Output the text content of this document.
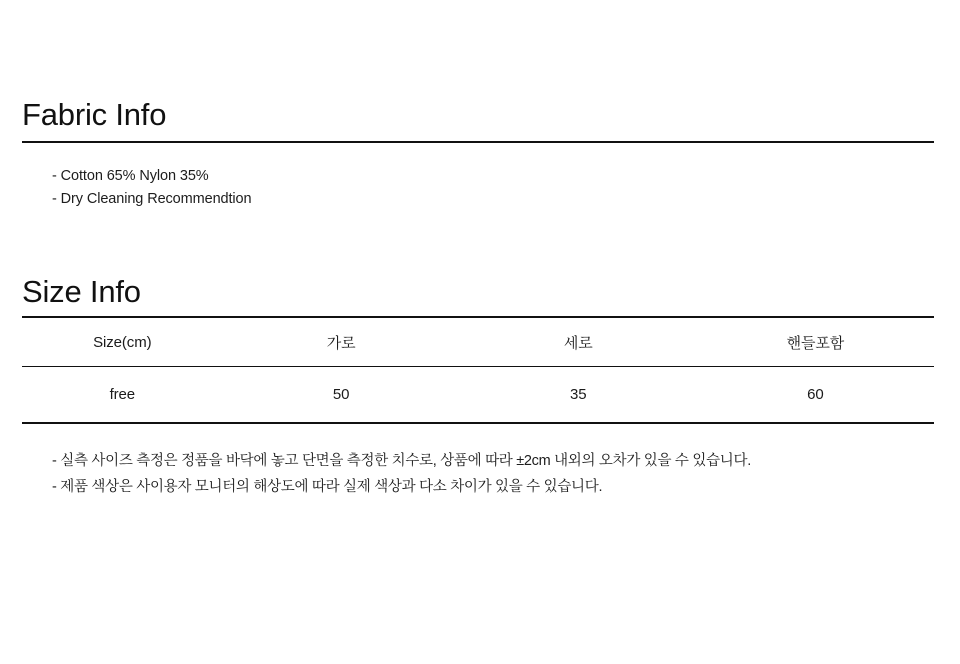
Fabric Info
- Cotton 65% Nylon 35%
- Dry Cleaning Recommendtion
Size Info
Size(cm)	가로	세로	핸들포함
free	50	35	60
- 실측 사이즈 측정은 정품을 바닥에 놓고 단면을 측정한 치수로, 상품에 따라 ±2cm 내외의 오차가 있을 수 있습니다.
- 제품 색상은 사이용자 모니터의 해상도에 따라 실제 색상과 다소 차이가 있을 수 있습니다.
